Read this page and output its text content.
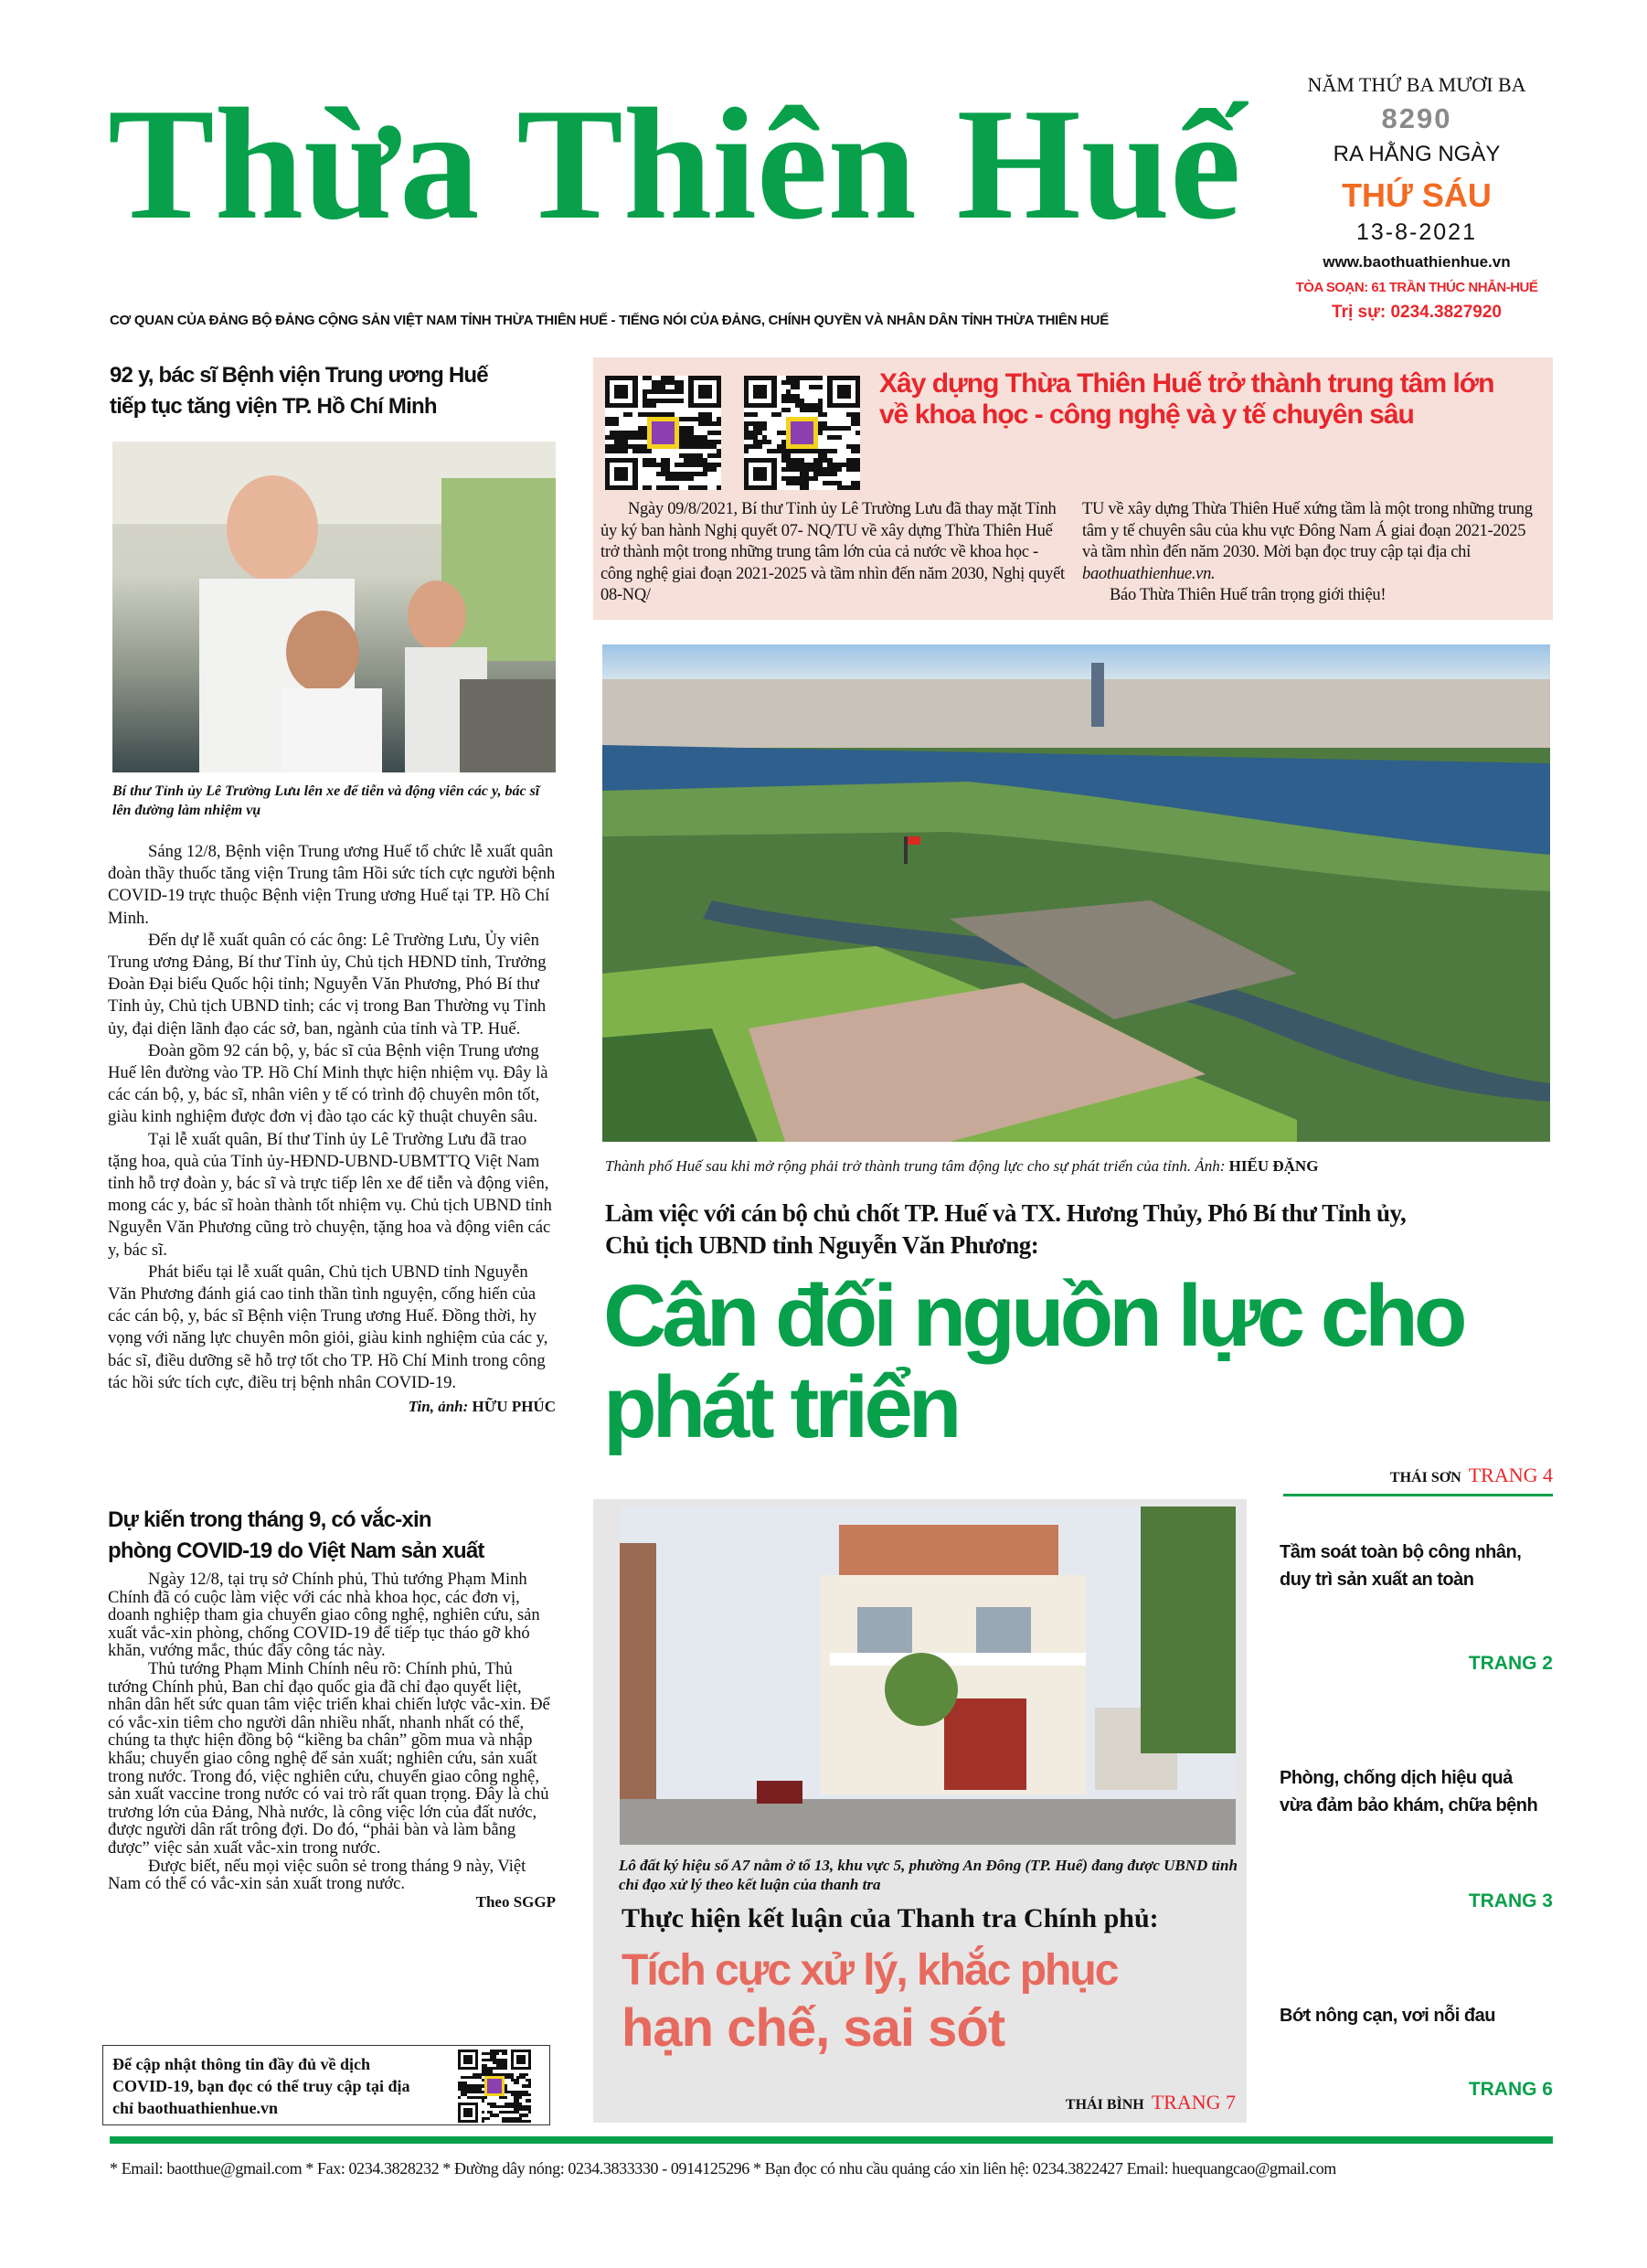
Thừa Thiên Huế
CƠ QUAN CỦA ĐẢNG BỘ ĐẢNG CỘNG SẢN VIỆT NAM TỈNH THỪA THIÊN HUẾ - TIẾNG NÓI CỦA ĐẢNG, CHÍNH QUYỀN VÀ NHÂN DÂN TỈNH THỪA THIÊN HUẾ
NĂM THỨ BA MƯƠI BA
8290
RA HẰNG NGÀY
THỨ SÁU
13-8-2021
www.baothuathienhue.vn
TÒA SOẠN: 61 TRẦN THÚC NHẪN-HUẾ
Trị sự: 0234.3827920
92 y, bác sĩ Bệnh viện Trung ương Huế
tiếp tục tăng viện TP. Hồ Chí Minh
Bí thư Tỉnh ủy Lê Trường Lưu lên xe để tiễn và động viên các y, bác sĩ lên đường làm nhiệm vụ

Sáng 12/8, Bệnh viện Trung ương Huế tổ chức lễ xuất quân đoàn thầy thuốc tăng viện Trung tâm Hồi sức tích cực người bệnh COVID-19 trực thuộc Bệnh viện Trung ương Huế tại TP. Hồ Chí Minh.

Đến dự lễ xuất quân có các ông: Lê Trường Lưu, Ủy viên Trung ương Đảng, Bí thư Tỉnh ủy, Chủ tịch HĐND tỉnh, Trưởng Đoàn Đại biểu Quốc hội tỉnh; Nguyễn Văn Phương, Phó Bí thư Tỉnh ủy, Chủ tịch UBND tỉnh; các vị trong Ban Thường vụ Tỉnh ủy, đại diện lãnh đạo các sở, ban, ngành của tỉnh và TP. Huế.

Đoàn gồm 92 cán bộ, y, bác sĩ của Bệnh viện Trung ương Huế lên đường vào TP. Hồ Chí Minh thực hiện nhiệm vụ. Đây là các cán bộ, y, bác sĩ, nhân viên y tế có trình độ chuyên môn tốt, giàu kinh nghiệm được đơn vị đào tạo các kỹ thuật chuyên sâu.

Tại lễ xuất quân, Bí thư Tỉnh ủy Lê Trường Lưu đã trao tặng hoa, quà của Tỉnh ủy-HĐND-UBND-UBMTTQ Việt Nam tỉnh hỗ trợ đoàn y, bác sĩ và trực tiếp lên xe để tiễn và động viên, mong các y, bác sĩ hoàn thành tốt nhiệm vụ. Chủ tịch UBND tỉnh Nguyễn Văn Phương cũng trò chuyện, tặng hoa và động viên các y, bác sĩ.

Phát biểu tại lễ xuất quân, Chủ tịch UBND tỉnh Nguyễn Văn Phương đánh giá cao tinh thần tình nguyện, cống hiến của các cán bộ, y, bác sĩ Bệnh viện Trung ương Huế. Đồng thời, hy vọng với năng lực chuyên môn giỏi, giàu kinh nghiệm của các y, bác sĩ, điều dưỡng sẽ hỗ trợ tốt cho TP. Hồ Chí Minh trong công tác hồi sức tích cực, điều trị bệnh nhân COVID-19.

Tin, ảnh: HỮU PHÚC
Dự kiến trong tháng 9, có vắc-xin
phòng COVID-19 do Việt Nam sản xuất

Ngày 12/8, tại trụ sở Chính phủ, Thủ tướng Phạm Minh Chính đã có cuộc làm việc với các nhà khoa học, các đơn vị, doanh nghiệp tham gia chuyển giao công nghệ, nghiên cứu, sản xuất vắc-xin phòng, chống COVID-19 để tiếp tục tháo gỡ khó khăn, vướng mắc, thúc đẩy công tác này.

Thủ tướng Phạm Minh Chính nêu rõ: Chính phủ, Thủ tướng Chính phủ, Ban chỉ đạo quốc gia đã chỉ đạo quyết liệt, nhân dân hết sức quan tâm việc triển khai chiến lược vắc-xin. Để có vắc-xin tiêm cho người dân nhiều nhất, nhanh nhất có thể, chúng ta thực hiện đồng bộ “kiềng ba chân” gồm mua và nhập khẩu; chuyển giao công nghệ để sản xuất; nghiên cứu, sản xuất trong nước. Trong đó, việc nghiên cứu, chuyển giao công nghệ, sản xuất vaccine trong nước có vai trò rất quan trọng. Đây là chủ trương lớn của Đảng, Nhà nước, là công việc lớn của đất nước, được người dân rất trông đợi. Do đó, “phải bàn và làm bằng được” việc sản xuất vắc-xin trong nước.

Được biết, nếu mọi việc suôn sẻ trong tháng 9 này, Việt Nam có thể có vắc-xin sản xuất trong nước.

Theo SGGP
Để cập nhật thông tin đầy đủ về dịch COVID-19, bạn đọc có thể truy cập tại địa chỉ baothuathienhue.vn
Xây dựng Thừa Thiên Huế trở thành trung tâm lớn
về khoa học - công nghệ và y tế chuyên sâu
Ngày 09/8/2021, Bí thư Tỉnh ủy Lê Trường Lưu đã thay mặt Tỉnh ủy ký ban hành Nghị quyết 07- NQ/TU về xây dựng Thừa Thiên Huế trở thành một trong những trung tâm lớn của cả nước về khoa học - công nghệ giai đoạn 2021-2025 và tầm nhìn đến năm 2030, Nghị quyết 08-NQ/
TU về xây dựng Thừa Thiên Huế xứng tầm là một trong những trung tâm y tế chuyên sâu của khu vực Đông Nam Á giai đoạn 2021-2025 và tầm nhìn đến năm 2030. Mời bạn đọc truy cập tại địa chỉ baothuathienhue.vn.
Báo Thừa Thiên Huế trân trọng giới thiệu!
Thành phố Huế sau khi mở rộng phải trở thành trung tâm động lực cho sự phát triển của tỉnh. Ảnh: HIẾU ĐẶNG
Làm việc với cán bộ chủ chốt TP. Huế và TX. Hương Thủy, Phó Bí thư Tỉnh ủy,
Chủ tịch UBND tỉnh Nguyễn Văn Phương:
Cân đối nguồn lực cho phát triển
THÁI SƠN TRANG 4
Lô đất ký hiệu số A7 nằm ở tổ 13, khu vực 5, phường An Đông (TP. Huế) đang được UBND tỉnh chỉ đạo xử lý theo kết luận của thanh tra
Thực hiện kết luận của Thanh tra Chính phủ:
Tích cực xử lý, khắc phục
hạn chế, sai sót
THÁI BÌNH TRANG 7
Tầm soát toàn bộ công nhân,
duy trì sản xuất an toàn
TRANG 2
Phòng, chống dịch hiệu quả
vừa đảm bảo khám, chữa bệnh
TRANG 3
Bớt nông cạn, vơi nỗi đau
TRANG 6
* Email: baotthue@gmail.com * Fax: 0234.3828232 * Đường dây nóng: 0234.3833330 - 0914125296 * Bạn đọc có nhu cầu quảng cáo xin liên hệ: 0234.3822427 Email: huequangcao@gmail.com
